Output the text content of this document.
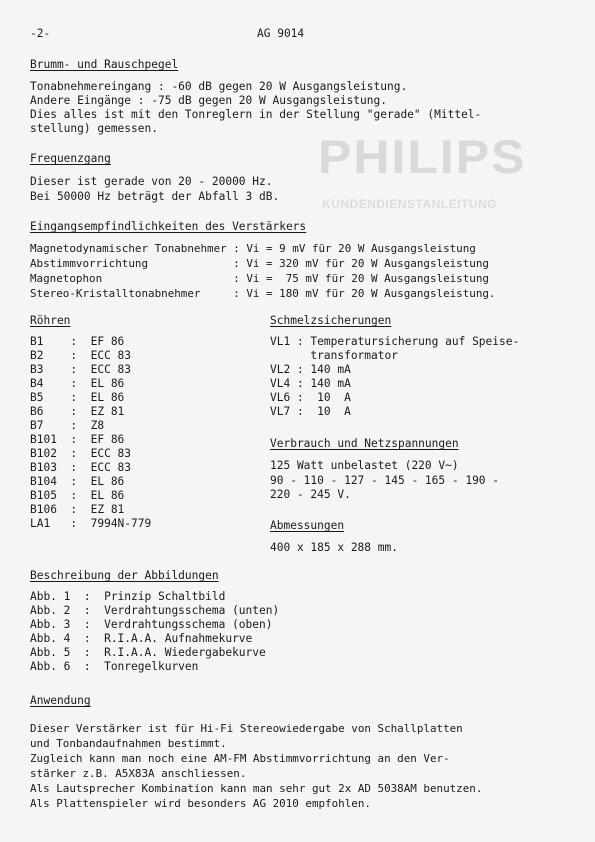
PHILIPS
KUNDENDIENSTANLEITUNG
-2-	AG 9014
Brumm- und Rauschpegel
Tonabnehmereingang : -60 dB gegen 20 W Ausgangsleistung.
Andere Eingänge : -75 dB gegen 20 W Ausgangsleistung.
Dies alles ist mit den Tonreglern in der Stellung "gerade" (Mittel-
stellung) gemessen.
Frequenzgang
Dieser ist gerade von 20 - 20000 Hz.
Bei 50000 Hz beträgt der Abfall 3 dB.
Eingangsempfindlichkeiten des Verstärkers
Magnetodynamischer Tonabnehmer : Vi = 9 mV für 20 W Ausgangsleistung
Abstimmvorrichtung             : Vi = 320 mV für 20 W Ausgangsleistung
Magnetophon                    : Vi =  75 mV für 20 W Ausgangsleistung
Stereo-Kristalltonabnehmer     : Vi = 180 mV für 20 W Ausgangsleistung.
Röhren
B1    :  EF 86
B2    :  ECC 83
B3    :  ECC 83
B4    :  EL 86
B5    :  EL 86
B6    :  EZ 81
B7    :  Z8
B101  :  EF 86
B102  :  ECC 83
B103  :  ECC 83
B104  :  EL 86
B105  :  EL 86
B106  :  EZ 81
LA1   :  7994N-779
Schmelzsicherungen
VL1 : Temperatursicherung auf Speise-
transformator
VL2 : 140 mA
VL4 : 140 mA
VL6 :  10  A
VL7 :  10  A
Verbrauch und Netzspannungen
125 Watt unbelastet (220 V~)
90 - 110 - 127 - 145 - 165 - 190 -
220 - 245 V.
Abmessungen
400 x 185 x 288 mm.
Beschreibung der Abbildungen
Abb. 1  :  Prinzip Schaltbild
Abb. 2  :  Verdrahtungsschema (unten)
Abb. 3  :  Verdrahtungsschema (oben)
Abb. 4  :  R.I.A.A. Aufnahmekurve
Abb. 5  :  R.I.A.A. Wiedergabekurve
Abb. 6  :  Tonregelkurven
Anwendung
Dieser Verstärker ist für Hi-Fi Stereowiedergabe von Schallplatten
und Tonbandaufnahmen bestimmt.
Zugleich kann man noch eine AM-FM Abstimmvorrichtung an den Ver-
stärker z.B. A5X83A anschliessen.
Als Lautsprecher Kombination kann man sehr gut 2x AD 5038AM benutzen.
Als Plattenspieler wird besonders AG 2010 empfohlen.
